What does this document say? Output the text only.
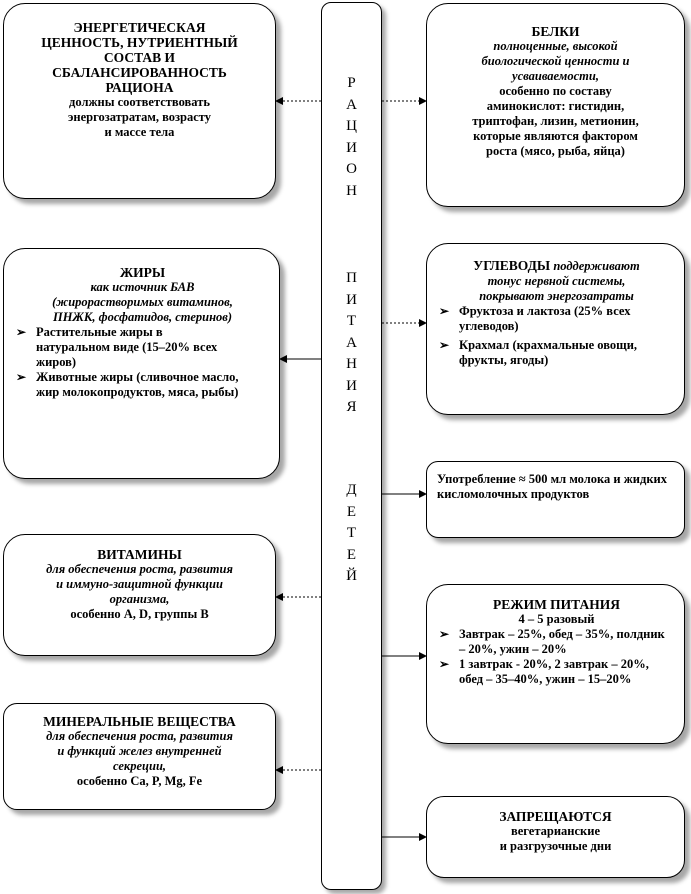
Р
А
Ц
И
О
Н
П
И
Т
А
Н
И
Я
Д
Е
Т
Е
Й

ЭНЕРГЕТИЧЕСКАЯ
ЦЕННОСТЬ, НУТРИЕНТНЫЙ
СОСТАВ И
СБАЛАНСИРОВАННОСТЬ
РАЦИОНА

должны соответствовать
энергозатратам, возрасту
и массе тела

БЕЛКИ

полноценные, высокой
биологической ценности и
усваиваемости,

особенно по составу
аминокислот: гистидин,
триптофан, лизин, метионин,
которые являются фактором
роста (мясо, рыба, яйца)

ЖИРЫ

как источник БАВ
(жирорастворимых витаминов,
ПНЖК, фосфатидов, стеринов)

➢ Растительные жиры в натуральном виде (15–20% всех жиров)
➢ Животные жиры (сливочное масло, жир молокопродуктов, мяса, рыбы)

УГЛЕВОДЫ поддерживают

тонус нервной системы,
покрывают энергозатраты

➢ Фруктоза и лактоза (25% всех углеводов)
➢ Крахмал (крахмальные овощи, фрукты, ягоды)

Употребление ≈ 500 мл молока и жидких кисломолочных продуктов

ВИТАМИНЫ

для обеспечения роста, развития
и иммуно-защитной функции
организма,

особенно A, D, группы B

РЕЖИМ ПИТАНИЯ

4 – 5 разовый

➢ Завтрак – 25%, обед – 35%, полдник – 20%, ужин – 20%
➢ 1 завтрак - 20%, 2 завтрак – 20%, обед – 35–40%, ужин – 15–20%

МИНЕРАЛЬНЫЕ ВЕЩЕСТВА

для обеспечения роста, развития
и функций желез внутренней
секреции,

особенно Ca, P, Mg, Fe

ЗАПРЕЩАЮТСЯ

вегетарианские
и разгрузочные дни
